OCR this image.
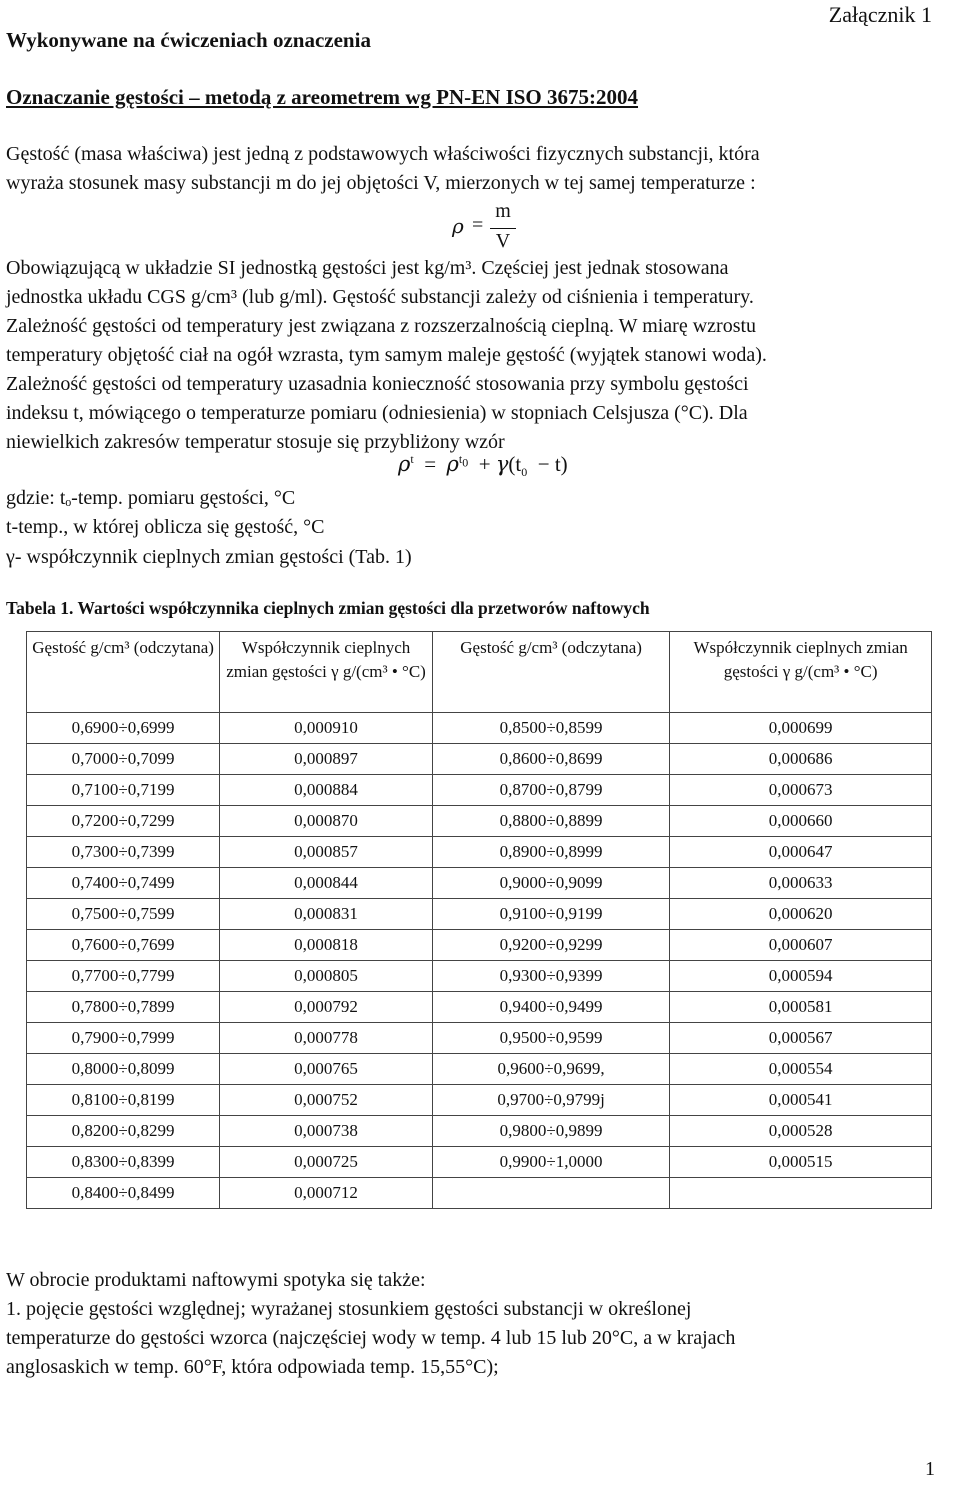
Załącznik 1
Wykonywane na ćwiczeniach oznaczenia
Oznaczanie gęstości – metodą z areometrem wg PN-EN ISO 3675:2004
Gęstość (masa właściwa) jest jedną z podstawowych właściwości fizycznych substancji, która
wyraża stosunek masy substancji m do jej objętości V, mierzonych w tej samej temperaturze :
ρ =
m
V
Obowiązującą w układzie SI jednostką gęstości jest kg/m³. Częściej jest jednak stosowana
jednostka układu CGS g/cm³ (lub g/ml). Gęstość substancji zależy od ciśnienia i temperatury.
Zależność gęstości od temperatury jest związana z rozszerzalnością cieplną. W miarę wzrostu
temperatury objętość ciał na ogół wzrasta, tym samym maleje gęstość (wyjątek stanowi woda).
Zależność gęstości od temperatury uzasadnia konieczność stosowania przy symbolu gęstości
indeksu t, mówiącego o temperaturze pomiaru (odniesienia) w stopniach Celsjusza (°C). Dla
niewielkich zakresów temperatur stosuje się przybliżony wzór
$\rho^t = \rho^{t_0} + \gamma(t_0 - t)$
gdzie: tₒ-temp. pomiaru gęstości, °C
t-temp., w której oblicza się gęstość, °C
γ- współczynnik cieplnych zmian gęstości (Tab. 1)
Tabela 1. Wartości współczynnika cieplnych zmian gęstości dla przetworów naftowych
Gęstość g/cm³ (odczytana)	Współczynnik cieplnych zmian gęstości γ g/(cm³ • °C)	Gęstość g/cm³ (odczytana)	Współczynnik cieplnych zmian gęstości γ g/(cm³ • °C)
0,6900÷0,6999	0,000910	0,8500÷0,8599	0,000699
0,7000÷0,7099	0,000897	0,8600÷0,8699	0,000686
0,7100÷0,7199	0,000884	0,8700÷0,8799	0,000673
0,7200÷0,7299	0,000870	0,8800÷0,8899	0,000660
0,7300÷0,7399	0,000857	0,8900÷0,8999	0,000647
0,7400÷0,7499	0,000844	0,9000÷0,9099	0,000633
0,7500÷0,7599	0,000831	0,9100÷0,9199	0,000620
0,7600÷0,7699	0,000818	0,9200÷0,9299	0,000607
0,7700÷0,7799	0,000805	0,9300÷0,9399	0,000594
0,7800÷0,7899	0,000792	0,9400÷0,9499	0,000581
0,7900÷0,7999	0,000778	0,9500÷0,9599	0,000567
0,8000÷0,8099	0,000765	0,9600÷0,9699,	0,000554
0,8100÷0,8199	0,000752	0,9700÷0,9799j	0,000541
0,8200÷0,8299	0,000738	0,9800÷0,9899	0,000528
0,8300÷0,8399	0,000725	0,9900÷1,0000	0,000515
0,8400÷0,8499	0,000712		
W obrocie produktami naftowymi spotyka się także:
1. pojęcie gęstości względnej; wyrażanej stosunkiem gęstości substancji w określonej
temperaturze do gęstości wzorca (najczęściej wody w temp. 4 lub 15 lub 20°C, a w krajach
anglosaskich w temp. 60°F, która odpowiada temp. 15,55°C);
1
